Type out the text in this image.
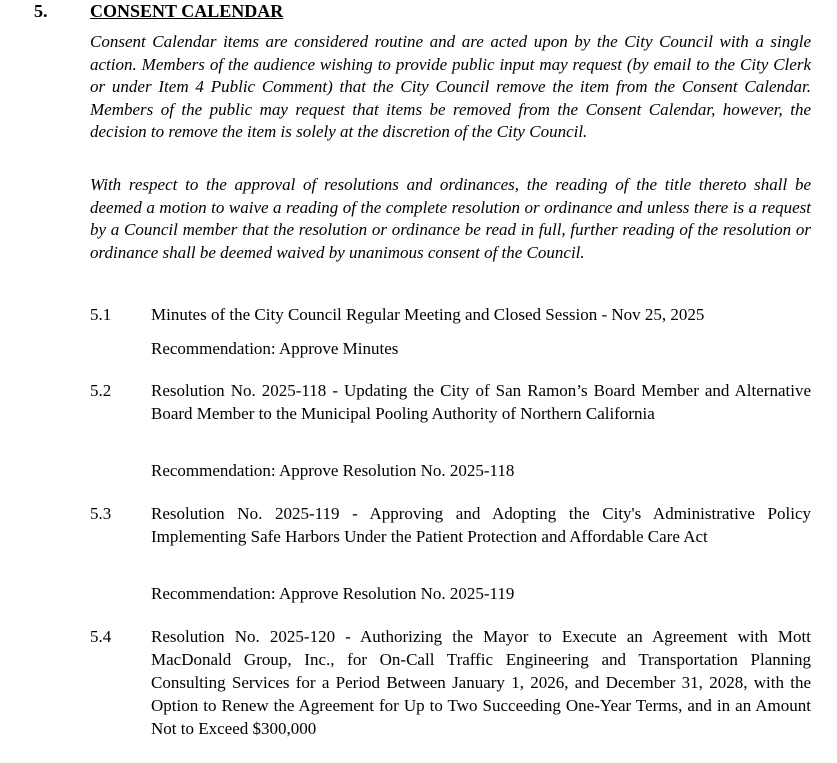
5. CONSENT CALENDAR

Consent Calendar items are considered routine and are acted upon by the City Council with a single action. Members of the audience wishing to provide public input may request (by email to the City Clerk or under Item 4 Public Comment) that the City Council remove the item from the Consent Calendar. Members of the public may request that items be removed from the Consent Calendar, however, the decision to remove the item is solely at the discretion of the City Council.

With respect to the approval of resolutions and ordinances, the reading of the title thereto shall be deemed a motion to waive a reading of the complete resolution or ordinance and unless there is a request by a Council member that the resolution or ordinance be read in full, further reading of the resolution or ordinance shall be deemed waived by unanimous consent of the Council.

5.1 Minutes of the City Council Regular Meeting and Closed Session - Nov 25, 2025

Recommendation: Approve Minutes
5.2 Resolution No. 2025-118 - Updating the City of San Ramon’s Board Member and Alternative Board Member to the Municipal Pooling Authority of Northern California

Recommendation: Approve Resolution No. 2025-118
5.3 Resolution No. 2025-119 - Approving and Adopting the City's Administrative Policy Implementing Safe Harbors Under the Patient Protection and Affordable Care Act

Recommendation: Approve Resolution No. 2025-119
5.4 Resolution No. 2025-120 - Authorizing the Mayor to Execute an Agreement with Mott MacDonald Group, Inc., for On-Call Traffic Engineering and Transportation Planning Consulting Services for a Period Between January 1, 2026, and December 31, 2028, with the Option to Renew the Agreement for Up to Two Succeeding One-Year Terms, and in an Amount Not to Exceed $300,000
